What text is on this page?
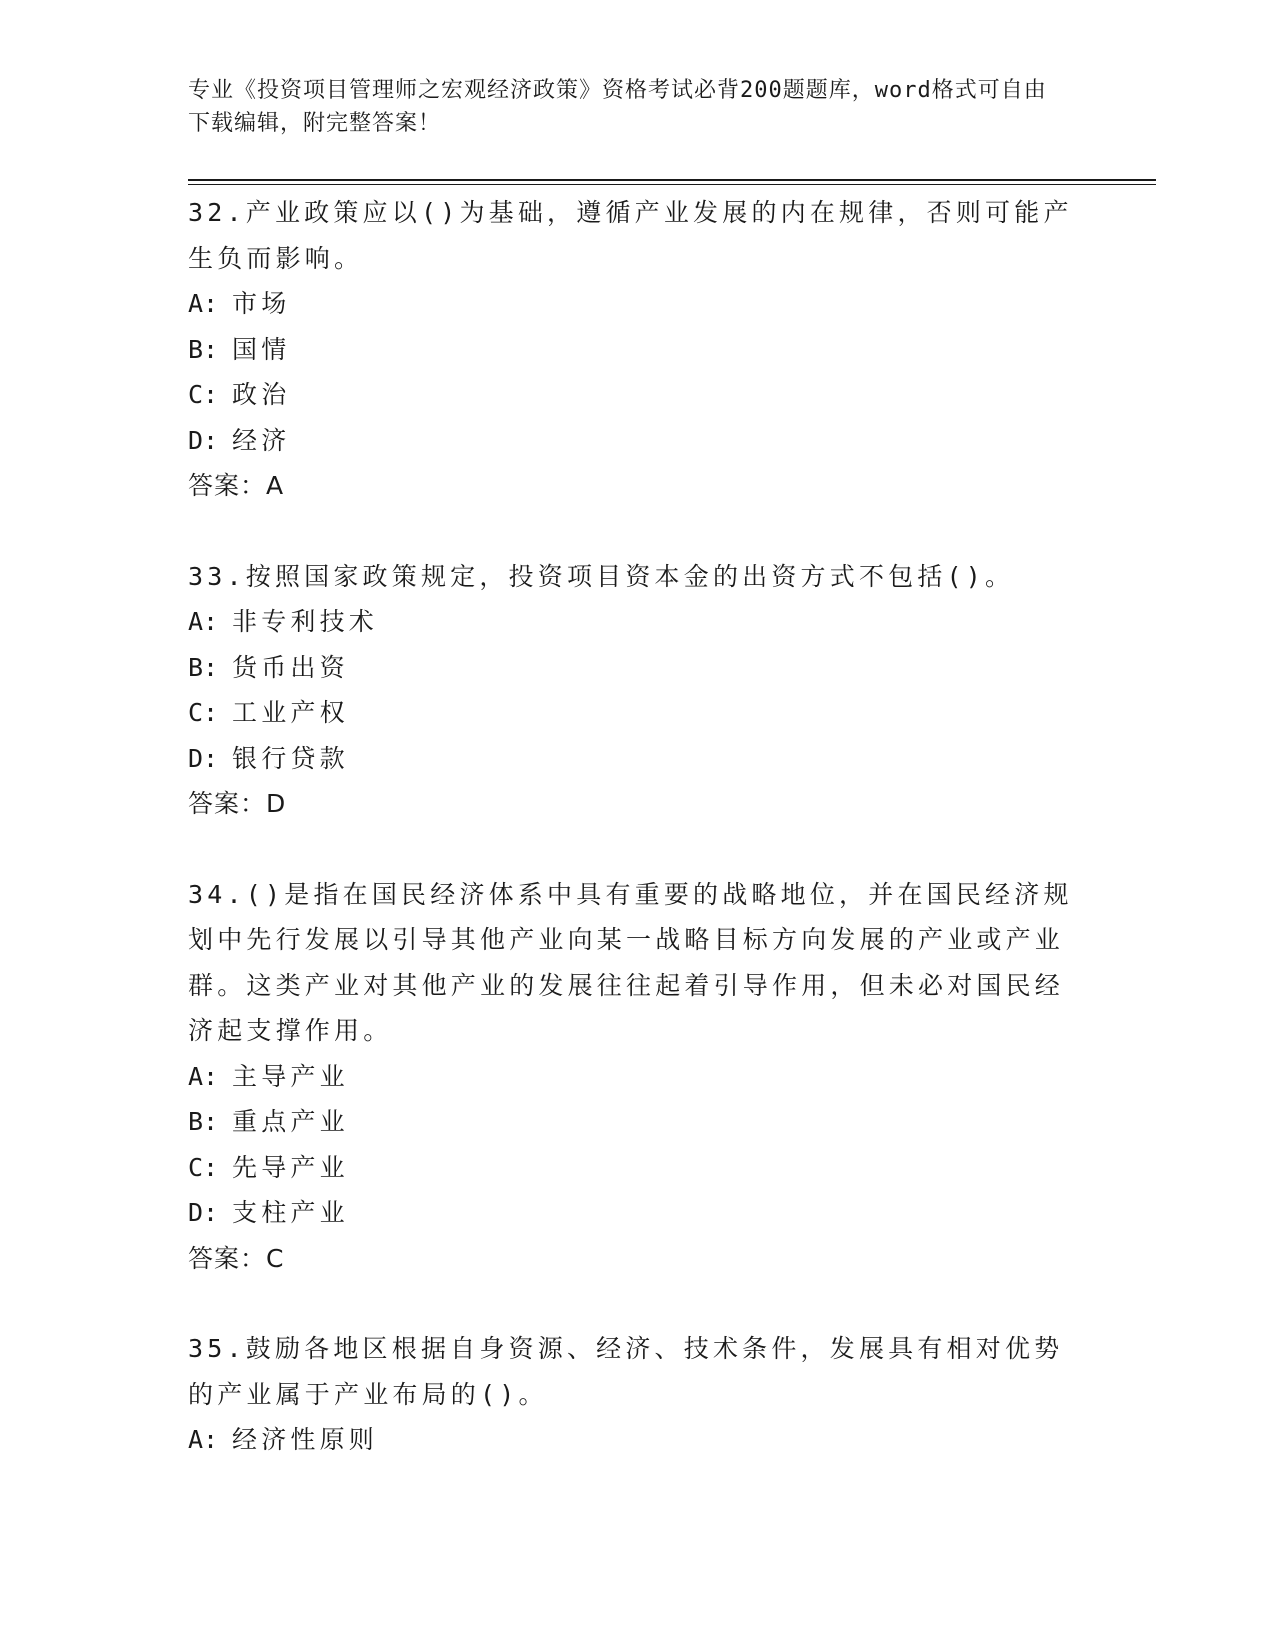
专业《投资项目管理师之宏观经济政策》资格考试必背200题题库，word格式可自由下载编辑，附完整答案！
32.产业政策应以()为基础，遵循产业发展的内在规律，否则可能产生负而影响。
A: 市场
B: 国情
C: 政治
D: 经济
答案：A
33.按照国家政策规定，投资项目资本金的出资方式不包括()。
A: 非专利技术
B: 货币出资
C: 工业产权
D: 银行贷款
答案：D
34.()是指在国民经济体系中具有重要的战略地位，并在国民经济规划中先行发展以引导其他产业向某一战略目标方向发展的产业或产业群。这类产业对其他产业的发展往往起着引导作用，但未必对国民经济起支撑作用。
A: 主导产业
B: 重点产业
C: 先导产业
D: 支柱产业
答案：C
35.鼓励各地区根据自身资源、经济、技术条件，发展具有相对优势的产业属于产业布局的()。
A: 经济性原则
